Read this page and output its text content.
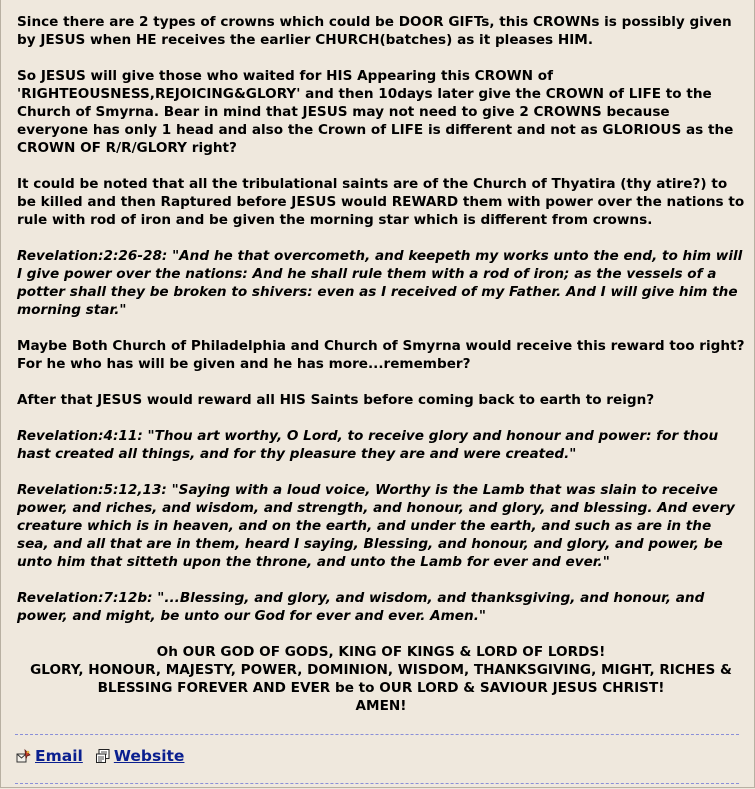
Since there are 2 types of crowns which could be DOOR GIFTs, this CROWNs is possibly given by JESUS when HE receives the earlier CHURCH(batches) as it pleases HIM.

So JESUS will give those who waited for HIS Appearing this CROWN of 'RIGHTEOUSNESS,REJOICING&GLORY' and then 10days later give the CROWN of LIFE to the Church of Smyrna. Bear in mind that JESUS may not need to give 2 CROWNS because everyone has only 1 head and also the Crown of LIFE is different and not as GLORIOUS as the CROWN OF R/R/GLORY right?

It could be noted that all the tribulational saints are of the Church of Thyatira (thy atire?) to be killed and then Raptured before JESUS would REWARD them with power over the nations to rule with rod of iron and be given the morning star which is different from crowns.

Revelation:2:26-28: "And he that overcometh, and keepeth my works unto the end, to him will I give power over the nations: And he shall rule them with a rod of iron; as the vessels of a potter shall they be broken to shivers: even as I received of my Father. And I will give him the morning star."

Maybe Both Church of Philadelphia and Church of Smyrna would receive this reward too right? For he who has will be given and he has more...remember?

After that JESUS would reward all HIS Saints before coming back to earth to reign?

Revelation:4:11: "Thou art worthy, O Lord, to receive glory and honour and power: for thou hast created all things, and for thy pleasure they are and were created."

Revelation:5:12,13: "Saying with a loud voice, Worthy is the Lamb that was slain to receive power, and riches, and wisdom, and strength, and honour, and glory, and blessing. And every creature which is in heaven, and on the earth, and under the earth, and such as are in the sea, and all that are in them, heard I saying, Blessing, and honour, and glory, and power, be unto him that sitteth upon the throne, and unto the Lamb for ever and ever."

Revelation:7:12b: "...Blessing, and glory, and wisdom, and thanksgiving, and honour, and power, and might, be unto our God for ever and ever. Amen."

Oh OUR GOD OF GODS, KING OF KINGS & LORD OF LORDS!
GLORY, HONOUR, MAJESTY, POWER, DOMINION, WISDOM, THANKSGIVING, MIGHT, RICHES & BLESSING FOREVER AND EVER be to OUR LORD & SAVIOUR JESUS CHRIST!
AMEN!

Email Website
